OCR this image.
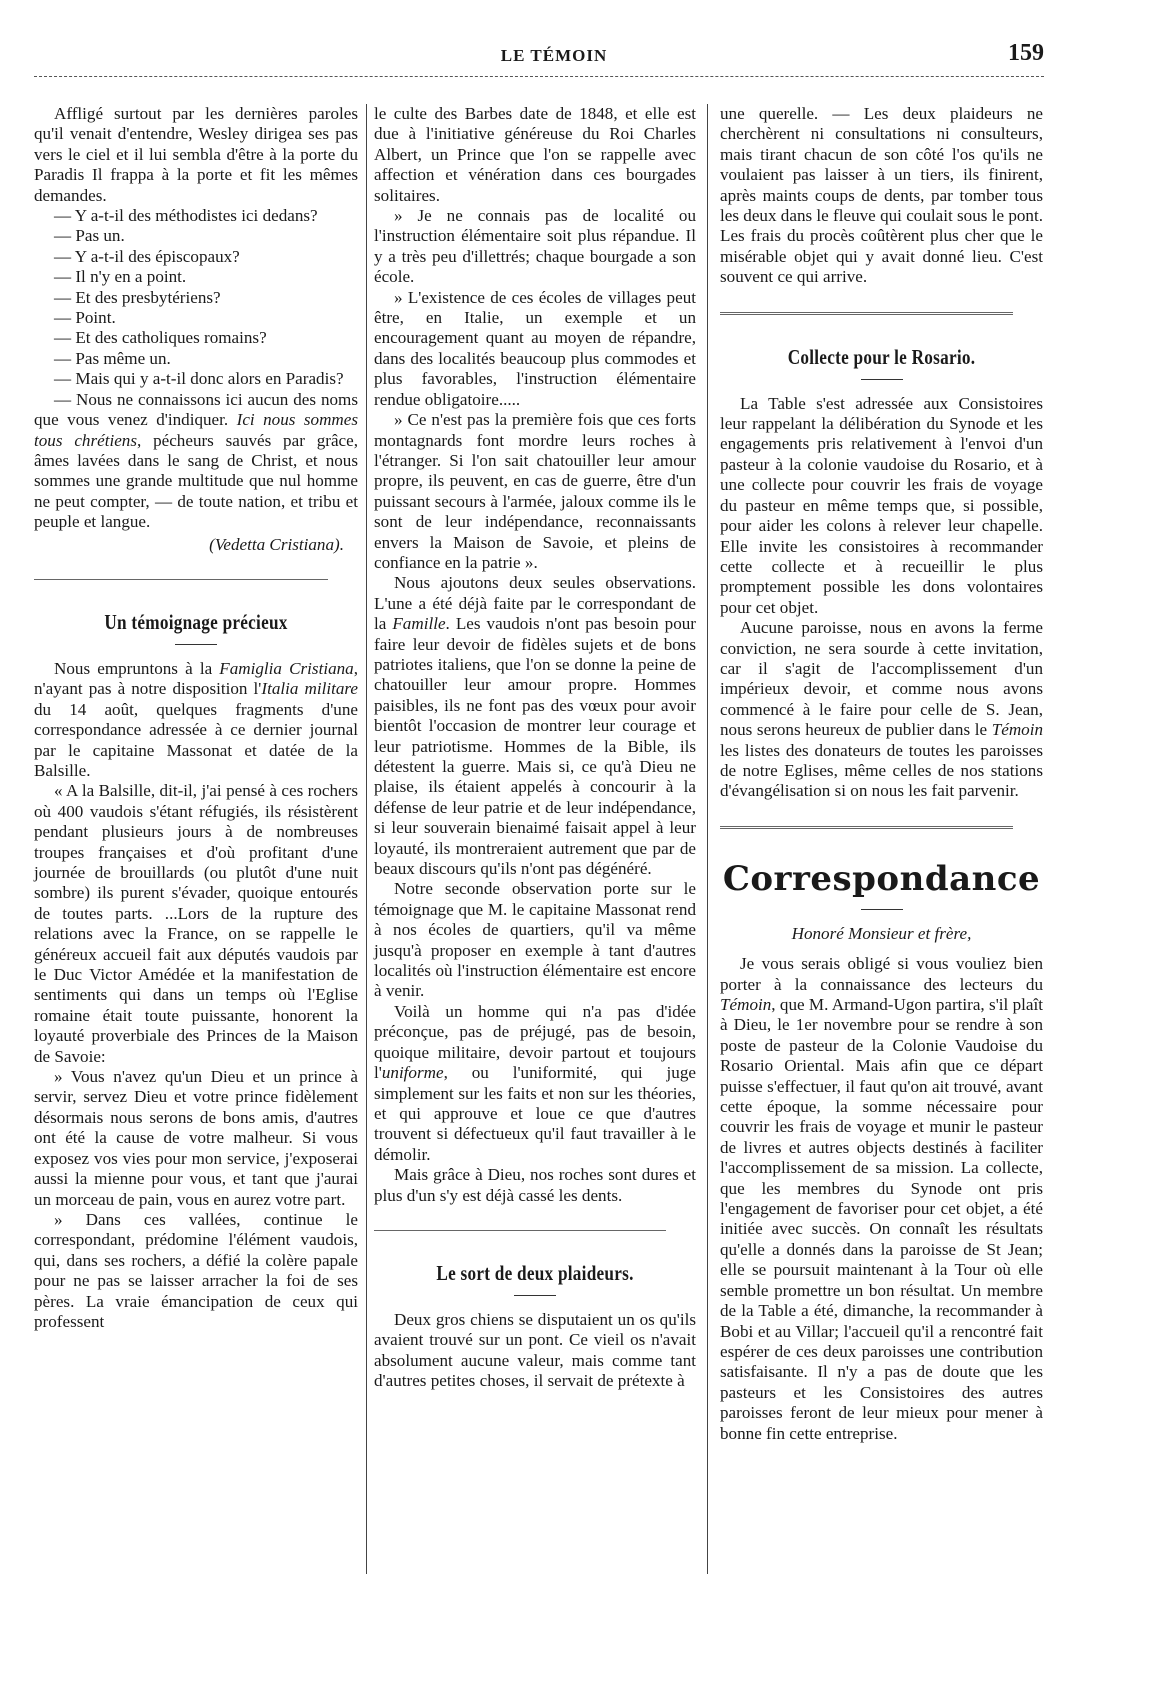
LE TÉMOIN	159

Affligé surtout par les dernières paroles qu'il venait d'entendre, Wesley dirigea ses pas vers le ciel et il lui sembla d'être à la porte du Paradis Il frappa à la porte et fit les mêmes demandes.

— Y a-t-il des méthodistes ici dedans?

— Pas un.

— Y a-t-il des épiscopaux?

— Il n'y en a point.

— Et des presbytériens?

— Point.

— Et des catholiques romains?

— Pas même un.

— Mais qui y a-t-il donc alors en Paradis?

— Nous ne connaissons ici aucun des noms que vous venez d'indiquer. Ici nous sommes tous chrétiens, pécheurs sauvés par grâce, âmes lavées dans le sang de Christ, et nous sommes une grande multitude que nul homme ne peut compter, — de toute nation, et tribu et peuple et langue.

(Vedetta Cristiana).

Un témoignage précieux

Nous empruntons à la Famiglia Cristiana, n'ayant pas à notre disposition l'Italia militare du 14 août, quelques fragments d'une correspondance adressée à ce dernier journal par le capitaine Massonat et datée de la Balsille.

« A la Balsille, dit-il, j'ai pensé à ces rochers où 400 vaudois s'étant réfugiés, ils résistèrent pendant plusieurs jours à de nombreuses troupes françaises et d'où profitant d'une journée de brouillards (ou plutôt d'une nuit sombre) ils purent s'évader, quoique entourés de toutes parts. ...Lors de la rupture des relations avec la France, on se rappelle le généreux accueil fait aux députés vaudois par le Duc Victor Amédée et la manifestation de sentiments qui dans un temps où l'Eglise romaine était toute puissante, honorent la loyauté proverbiale des Princes de la Maison de Savoie:

» Vous n'avez qu'un Dieu et un prince à servir, servez Dieu et votre prince fidèlement désormais nous serons de bons amis, d'autres ont été la cause de votre malheur. Si vous exposez vos vies pour mon service, j'exposerai aussi la mienne pour vous, et tant que j'aurai un morceau de pain, vous en aurez votre part.

» Dans ces vallées, continue le correspondant, prédomine l'élément vaudois, qui, dans ses rochers, a défié la colère papale pour ne pas se laisser arracher la foi de ses pères. La vraie émancipation de ceux qui professent

le culte des Barbes date de 1848, et elle est due à l'initiative généreuse du Roi Charles Albert, un Prince que l'on se rappelle avec affection et vénération dans ces bourgades solitaires.

» Je ne connais pas de localité ou l'instruction élémentaire soit plus répandue. Il y a très peu d'illettrés; chaque bourgade a son école.

» L'existence de ces écoles de villages peut être, en Italie, un exemple et un encouragement quant au moyen de répandre, dans des localités beaucoup plus commodes et plus favorables, l'instruction élémentaire rendue obligatoire.....

» Ce n'est pas la première fois que ces forts montagnards font mordre leurs roches à l'étranger. Si l'on sait chatouiller leur amour propre, ils peuvent, en cas de guerre, être d'un puissant secours à l'armée, jaloux comme ils le sont de leur indépendance, reconnaissants envers la Maison de Savoie, et pleins de confiance en la patrie ».

Nous ajoutons deux seules observations. L'une a été déjà faite par le correspondant de la Famille. Les vaudois n'ont pas besoin pour faire leur devoir de fidèles sujets et de bons patriotes italiens, que l'on se donne la peine de chatouiller leur amour propre. Hommes paisibles, ils ne font pas des vœux pour avoir bientôt l'occasion de montrer leur courage et leur patriotisme. Hommes de la Bible, ils détestent la guerre. Mais si, ce qu'à Dieu ne plaise, ils étaient appelés à concourir à la défense de leur patrie et de leur indépendance, si leur souverain bienaimé faisait appel à leur loyauté, ils montreraient autrement que par de beaux discours qu'ils n'ont pas dégénéré.

Notre seconde observation porte sur le témoignage que M. le capitaine Massonat rend à nos écoles de quartiers, qu'il va même jusqu'à proposer en exemple à tant d'autres localités où l'instruction élémentaire est encore à venir.

Voilà un homme qui n'a pas d'idée préconçue, pas de préjugé, pas de besoin, quoique militaire, devoir partout et toujours l'uniforme, ou l'uniformité, qui juge simplement sur les faits et non sur les théories, et qui approuve et loue ce que d'autres trouvent si défectueux qu'il faut travailler à le démolir.

Mais grâce à Dieu, nos roches sont dures et plus d'un s'y est déjà cassé les dents.

Le sort de deux plaideurs.

Deux gros chiens se disputaient un os qu'ils avaient trouvé sur un pont. Ce vieil os n'avait absolument aucune valeur, mais comme tant d'autres petites choses, il servait de prétexte à

une querelle. — Les deux plaideurs ne cherchèrent ni consultations ni consulteurs, mais tirant chacun de son côté l'os qu'ils ne voulaient pas laisser à un tiers, ils finirent, après maints coups de dents, par tomber tous les deux dans le fleuve qui coulait sous le pont. Les frais du procès coûtèrent plus cher que le misérable objet qui y avait donné lieu. C'est souvent ce qui arrive.

Collecte pour le Rosario.

La Table s'est adressée aux Consistoires leur rappelant la délibération du Synode et les engagements pris relativement à l'envoi d'un pasteur à la colonie vaudoise du Rosario, et à une collecte pour couvrir les frais de voyage du pasteur en même temps que, si possible, pour aider les colons à relever leur chapelle. Elle invite les consistoires à recommander cette collecte et à recueillir le plus promptement possible les dons volontaires pour cet objet.

Aucune paroisse, nous en avons la ferme conviction, ne sera sourde à cette invitation, car il s'agit de l'accomplissement d'un impérieux devoir, et comme nous avons commencé à le faire pour celle de S. Jean, nous serons heureux de publier dans le Témoin les listes des donateurs de toutes les paroisses de notre Eglises, même celles de nos stations d'évangélisation si on nous les fait parvenir.

Correspondance

Honoré Monsieur et frère,

Je vous serais obligé si vous vouliez bien porter à la connaissance des lecteurs du Témoin, que M. Armand-Ugon partira, s'il plaît à Dieu, le 1er novembre pour se rendre à son poste de pasteur de la Colonie Vaudoise du Rosario Oriental. Mais afin que ce départ puisse s'effectuer, il faut qu'on ait trouvé, avant cette époque, la somme nécessaire pour couvrir les frais de voyage et munir le pasteur de livres et autres objects destinés à faciliter l'accomplissement de sa mission. La collecte, que les membres du Synode ont pris l'engagement de favoriser pour cet objet, a été initiée avec succès. On connaît les résultats qu'elle a donnés dans la paroisse de St Jean; elle se poursuit maintenant à la Tour où elle semble promettre un bon résultat. Un membre de la Table a été, dimanche, la recommander à Bobi et au Villar; l'accueil qu'il a rencontré fait espérer de ces deux paroisses une contribution satisfaisante. Il n'y a pas de doute que les pasteurs et les Consistoires des autres paroisses feront de leur mieux pour mener à bonne fin cette entreprise.
